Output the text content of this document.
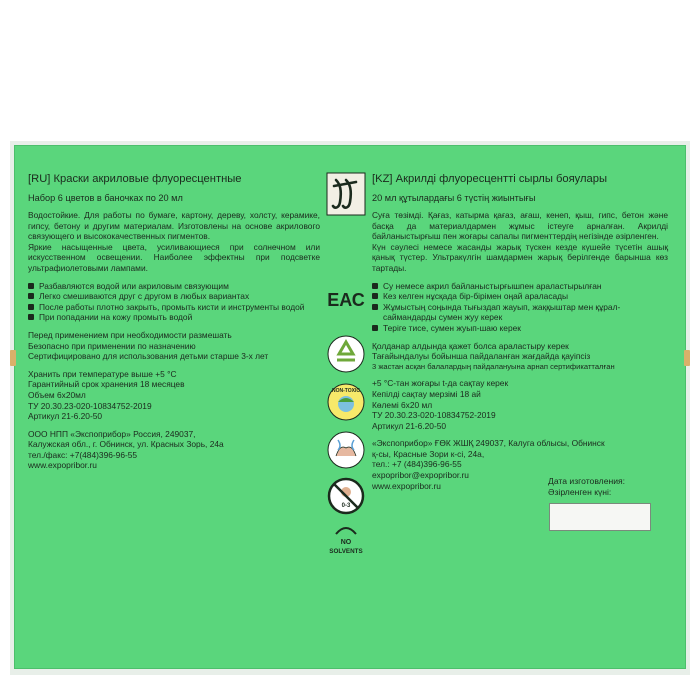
[RU] Краски акриловые флуоресцентные

Набор 6 цветов в баночках по 20 мл

Водостойкие. Для работы по бумаге, картону, дереву, холсту, керамике, гипсу, бетону и другим материалам. Изготовлены на основе акрилового связующего и высококачественных пигментов.

Яркие насыщенные цвета, усиливающиеся при солнечном или искусственном освещении. Наиболее эффектны при подсветке ультрафиолетовыми лампами.

Разбавляются водой или акриловым связующим

Легко смешиваются друг с другом в любых вариантах

После работы плотно закрыть, промыть кисти и инструменты водой

При попадании на кожу промыть водой

Перед применением при необходимости размешать

Безопасно при применении по назначению

Сертифицировано для использования детьми старше 3-х лет

Хранить при температуре выше +5 °С

Гарантийный срок хранения 18 месяцев

Объем 6х20мл

ТУ 20.30.23-020-10834752-2019

Артикул 21-6.20-50

ООО НПП «Экспоприбор» Россия, 249037,

Калужская обл., г. Обнинск, ул. Красных Зорь, 24а

тел./факс: +7(484)396-96-55

www.expopribor.ru

ЕАС
NON-TOXIC
0-3
NO
SOLVENTS

[KZ] Акрилді флуоресцентті сырлы бояулары

20 мл құтылардағы 6 түстің жиынтығы

Суға төзімді. Қағаз, катырма қағаз, ағаш, кенеп, қыш, гипс, бетон және басқа да материалдармен жұмыс істеуге арналған. Акрилді байланыстырғыш пен жоғары сапалы пигменттердің негізінде әзірленген.

Күн сәулесі немесе жасанды жарық түскен кезде күшейе түсетін ашық қанық түстер. Ультракүлгін шамдармен жарық берілгенде барынша көз тартады.

Су немесе акрил байланыстырғышпен араластырылған

Кез келген нұсқада бір-бірімен оңай араласады

Жұмыстың соңында тығыздап жауып, жаққыштар мен құрал-саймандарды сумен жуу керек

Теріге тисе, сумен жуып-шаю керек

Қолданар алдында қажет болса араластыру керек

Тағайындалуы бойынша пайдаланған жағдайда қауіпсіз

3 жастан асқан балалардың пайдалануына арнап сертификатталған

+5 °С-тан жоғары t-да сақтау керек

Кепілді сақтау мерзімі 18 ай

Көлемі 6х20 мл

ТУ 20.30.23-020-10834752-2019

Артикул 21-6.20-50

«Экспоприбор» ҒӨК ЖШҚ 249037, Калуга облысы, Обнинск

қ-сы, Красные Зори к-сі, 24а,

тел.: +7 (484)396-96-55

expopribor@expopribor.ru

www.expopribor.ru	Дата изготовления:

Әзірленген күні:
